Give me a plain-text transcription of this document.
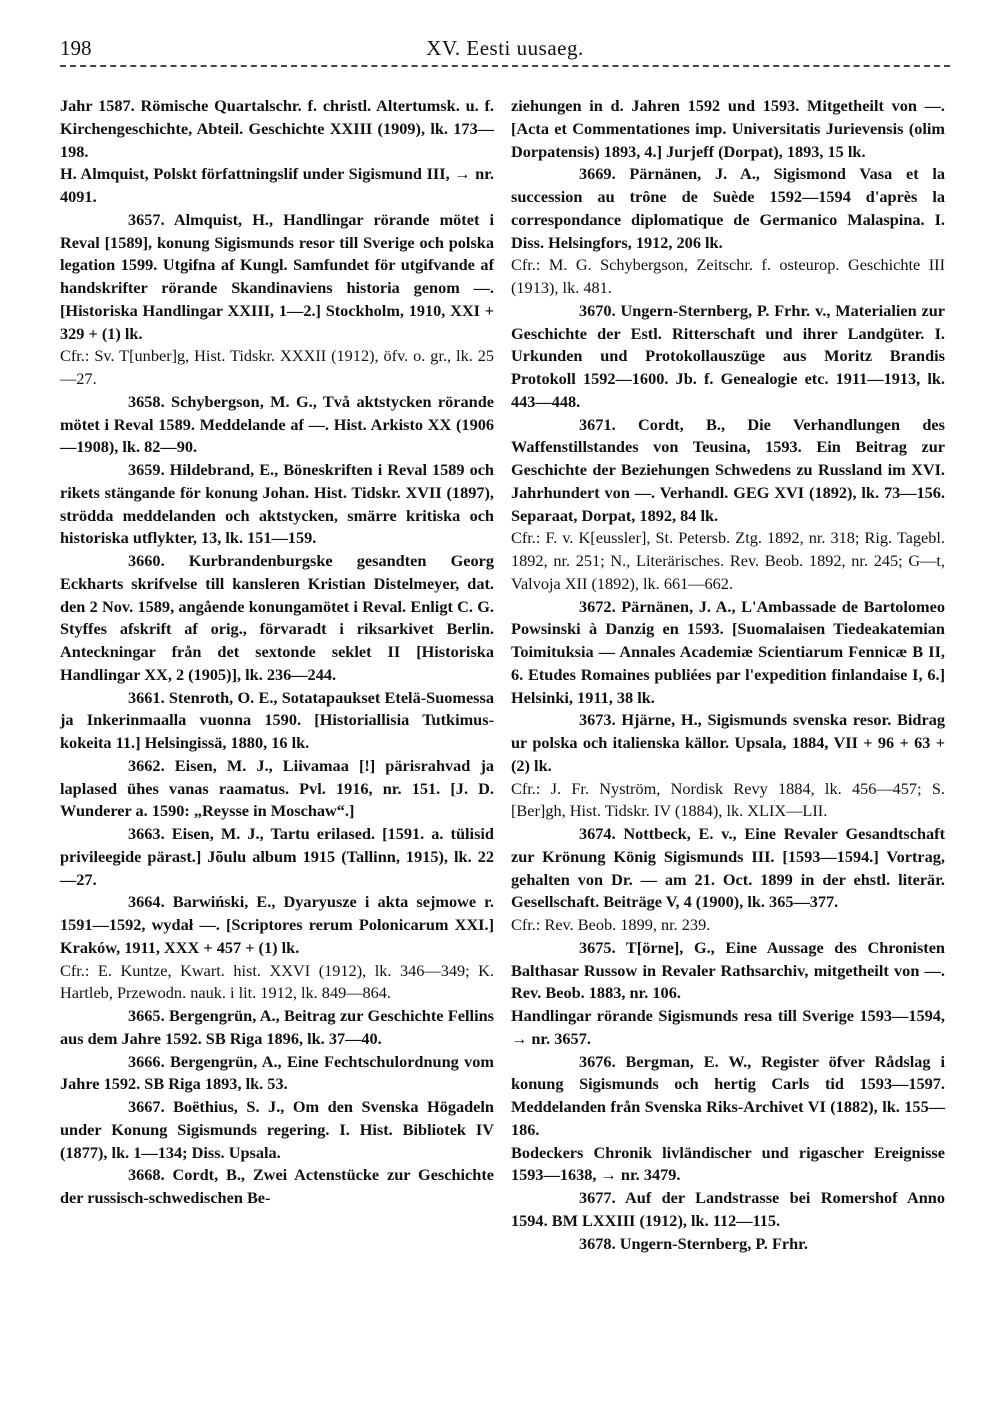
198	XV. Eesti uusaeg.

Jahr 1587. Römische Quartalschr. f. christl. Altertumsk. u. f. Kirchengeschichte, Abteil. Geschichte XXIII (1909), lk. 173—198.

H. Almquist, Polskt författningslif under Sigismund III, → nr. 4091.

3657. Almquist, H., Handlingar rörande mötet i Reval [1589], konung Sigismunds resor till Sverige och polska legation 1599. Utgifna af Kungl. Samfundet för utgifvande af handskrifter rörande Skandinaviens historia genom —. [Historiska Handlingar XXIII, 1—2.] Stockholm, 1910, XXI + 329 + (1) lk.

Cfr.: Sv. T[unber]g, Hist. Tidskr. XXXII (1912), öfv. o. gr., lk. 25—27.

3658. Schybergson, M. G., Två aktstycken rörande mötet i Reval 1589. Meddelande af —. Hist. Arkisto XX (1906—1908), lk. 82—90.

3659. Hildebrand, E., Böneskriften i Reval 1589 och rikets stängande för konung Johan. Hist. Tidskr. XVII (1897), strödda meddelanden och aktstycken, smärre kritiska och historiska utflykter, 13, lk. 151—159.

3660. Kurbrandenburgske gesandten Georg Eckharts skrifvelse till kansleren Kristian Distelmeyer, dat. den 2 Nov. 1589, angående konungamötet i Reval. Enligt C. G. Styffes afskrift af orig., förvaradt i riksarkivet Berlin. Anteckningar från det sextonde seklet II [Historiska Handlingar XX, 2 (1905)], lk. 236—244.

3661. Stenroth, O. E., Sotatapaukset Etelä-Suomessa ja Inkerinmaalla vuonna 1590. [Historiallisia Tutkimus-kokeita 11.] Helsingissä, 1880, 16 lk.

3662. Eisen, M. J., Liivamaa [!] pärisrahvad ja laplased ühes vanas raamatus. Pvl. 1916, nr. 151. [J. D. Wunderer a. 1590: „Reysse in Moschaw“.]

3663. Eisen, M. J., Tartu erilased. [1591. a. tülisid privileegide pärast.] Jõulu album 1915 (Tallinn, 1915), lk. 22—27.

3664. Barwiński, E., Dyaryusze i akta sejmowe r. 1591—1592, wydał —. [Scriptores rerum Polonicarum XXI.] Kraków, 1911, XXX + 457 + (1) lk.

Cfr.: E. Kuntze, Kwart. hist. XXVI (1912), lk. 346—349; K. Hartleb, Przewodn. nauk. i lit. 1912, lk. 849—864.

3665. Bergengrün, A., Beitrag zur Geschichte Fellins aus dem Jahre 1592. SB Riga 1896, lk. 37—40.

3666. Bergengrün, A., Eine Fechtschulordnung vom Jahre 1592. SB Riga 1893, lk. 53.

3667. Boëthius, S. J., Om den Svenska Högadeln under Konung Sigismunds regering. I. Hist. Bibliotek IV (1877), lk. 1—134; Diss. Upsala.

3668. Cordt, B., Zwei Actenstücke zur Geschichte der russisch-schwedischen Be-

ziehungen in d. Jahren 1592 und 1593. Mitgetheilt von —. [Acta et Commentationes imp. Universitatis Jurievensis (olim Dorpatensis) 1893, 4.] Jurjeff (Dorpat), 1893, 15 lk.

3669. Pärnänen, J. A., Sigismond Vasa et la succession au trône de Suède 1592—1594 d'après la correspondance diplomatique de Germanico Malaspina. I. Diss. Helsingfors, 1912, 206 lk.

Cfr.: M. G. Schybergson, Zeitschr. f. osteurop. Geschichte III (1913), lk. 481.

3670. Ungern-Sternberg, P. Frhr. v., Materialien zur Geschichte der Estl. Ritterschaft und ihrer Landgüter. I. Urkunden und Protokollauszüge aus Moritz Brandis Protokoll 1592—1600. Jb. f. Genealogie etc. 1911—1913, lk. 443—448.

3671. Cordt, B., Die Verhandlungen des Waffenstillstandes von Teusina, 1593. Ein Beitrag zur Geschichte der Beziehungen Schwedens zu Russland im XVI. Jahrhundert von —. Verhandl. GEG XVI (1892), lk. 73—156. Separaat, Dorpat, 1892, 84 lk.

Cfr.: F. v. K[eussler], St. Petersb. Ztg. 1892, nr. 318; Rig. Tagebl. 1892, nr. 251; N., Literärisches. Rev. Beob. 1892, nr. 245; G—t, Valvoja XII (1892), lk. 661—662.

3672. Pärnänen, J. A., L'Ambassade de Bartolomeo Powsinski à Danzig en 1593. [Suomalaisen Tiedeakatemian Toimituksia — Annales Academiæ Scientiarum Fennicæ B II, 6. Etudes Romaines publiées par l'expedition finlandaise I, 6.] Helsinki, 1911, 38 lk.

3673. Hjärne, H., Sigismunds svenska resor. Bidrag ur polska och italienska källor. Upsala, 1884, VII + 96 + 63 + (2) lk.

Cfr.: J. Fr. Nyström, Nordisk Revy 1884, lk. 456—457; S. [Ber]gh, Hist. Tidskr. IV (1884), lk. XLIX—LII.

3674. Nottbeck, E. v., Eine Revaler Gesandtschaft zur Krönung König Sigismunds III. [1593—1594.] Vortrag, gehalten von Dr. — am 21. Oct. 1899 in der ehstl. literär. Gesellschaft. Beiträge V, 4 (1900), lk. 365—377.

Cfr.: Rev. Beob. 1899, nr. 239.

3675. T[örne], G., Eine Aussage des Chronisten Balthasar Russow in Revaler Rathsarchiv, mitgetheilt von —. Rev. Beob. 1883, nr. 106.

Handlingar rörande Sigismunds resa till Sverige 1593—1594, → nr. 3657.

3676. Bergman, E. W., Register öfver Rådslag i konung Sigismunds och hertig Carls tid 1593—1597. Meddelanden från Svenska Riks-Archivet VI (1882), lk. 155—186.

Bodeckers Chronik livländischer und rigascher Ereignisse 1593—1638, → nr. 3479.

3677. Auf der Landstrasse bei Romershof Anno 1594. BM LXXIII (1912), lk. 112—115.

3678. Ungern-Sternberg, P. Frhr.
